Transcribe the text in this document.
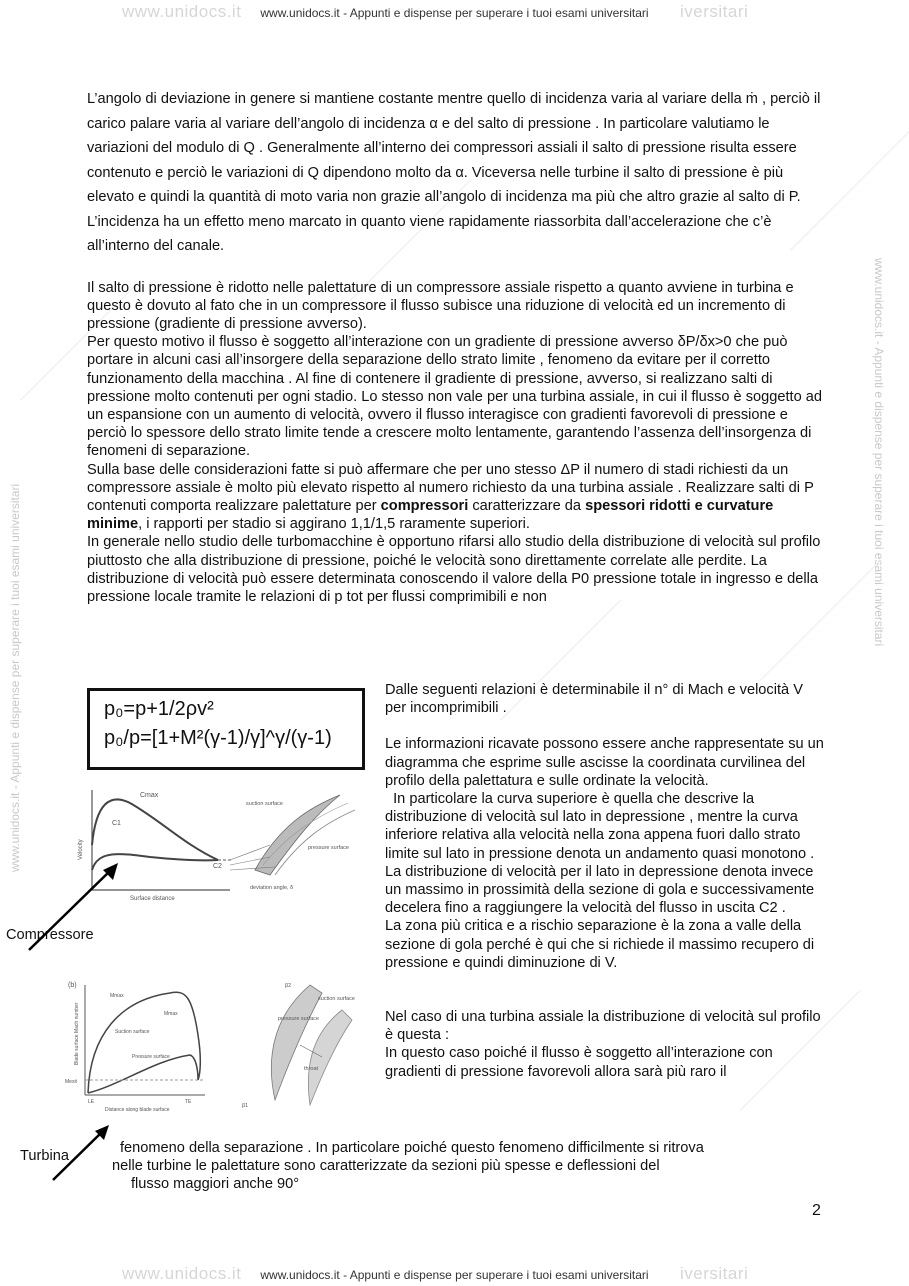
www.unidocs.it	iversitari
www.unidocs.it - Appunti e dispense per superare i tuoi esami universitari
www.unidocs.it	iversitari
www.unidocs.it - Appunti e dispense per superare i tuoi esami universitari
www.unidocs.it - Appunti e dispense per superare i tuoi esami universitari
www.unidocs.it - Appunti e dispense per superare i tuoi esami universitari

L’angolo di deviazione in genere si mantiene costante mentre quello di incidenza varia al variare della ṁ , perciò il carico palare varia al variare dell’angolo di incidenza α e del salto di pressione . In particolare valutiamo le variazioni del modulo di Q . Generalmente all’interno dei compressori assiali il salto di pressione risulta essere contenuto e perciò le variazioni di Q dipendono molto da α. Viceversa nelle turbine il salto di pressione è più elevato e quindi la quantità di moto varia non grazie all’angolo di incidenza ma più che altro grazie al salto di P. L’incidenza ha un effetto meno marcato in quanto viene rapidamente riassorbita dall’accelerazione che c’è all’interno del canale.

Il salto di pressione è ridotto nelle palettature di un compressore assiale rispetto a quanto avviene in turbina e questo è dovuto al fato che in un compressore il flusso subisce una riduzione di velocità ed un incremento di pressione (gradiente di pressione avverso).

Per questo motivo il flusso è soggetto all’interazione con un gradiente di pressione avverso δP/δx>0 che può portare in alcuni casi all’insorgere della separazione dello strato limite , fenomeno da evitare per il corretto funzionamento della macchina . Al fine di contenere il gradiente di pressione, avverso, si realizzano salti di pressione molto contenuti per ogni stadio. Lo stesso non vale per una turbina assiale, in cui il flusso è soggetto ad un espansione con un aumento di velocità, ovvero il flusso interagisce con gradienti favorevoli di pressione e perciò lo spessore dello strato limite tende a crescere molto lentamente, garantendo l’assenza dell’insorgenza di fenomeni di separazione.

Sulla base delle considerazioni fatte si può affermare che per uno stesso ΔP il numero di stadi richiesti da un compressore assiale è molto più elevato rispetto al numero richiesto da una turbina assiale . Realizzare salti di P contenuti comporta realizzare palettature per compressori caratterizzare da spessori ridotti e curvature minime, i rapporti per stadio si aggirano 1,1/1,5 raramente superiori.

In generale nello studio delle turbomacchine è opportuno rifarsi allo studio della distribuzione di velocità sul profilo piuttosto che alla distribuzione di pressione, poiché le velocità sono direttamente correlate alle perdite. La distribuzione di velocità può essere determinata conoscendo il valore della P0 pressione totale in ingresso e della pressione locale tramite le relazioni di p tot per flussi comprimibili e non

p₀=p+1/2ρv²
p₀/p=[1+M²(γ-1)/γ]^γ/(γ-1)

Dalle seguenti relazioni è determinabile il n° di Mach e velocità V per incomprimibili .

Le informazioni ricavate possono essere anche rappresentate su un diagramma che esprime sulle ascisse la coordinata curvilinea del profilo della palettatura e sulle ordinate la velocità.

In particolare la curva superiore è quella che descrive la distribuzione di velocità sul lato in depressione , mentre la curva inferiore relativa alla velocità nella zona appena fuori dallo strato limite sul lato in pressione denota un andamento quasi monotono .

La distribuzione di velocità per il lato in depressione denota invece un massimo in prossimità della sezione di gola e successivamente decelera fino a raggiungere la velocità del flusso in uscita C2 .

La zona più critica e a rischio separazione è la zona a valle della sezione di gola perché è qui che si richiede il massimo recupero di pressione e quindi diminuzione di V.

Nel caso di una turbina assiale la distribuzione di velocità sul profilo è questa :

In questo caso poiché il flusso è soggetto all’interazione con gradienti di pressione favorevoli allora sarà più raro il

fenomeno della separazione . In particolare poiché questo fenomeno difficilmente si ritrova
nelle turbine le palettature sono caratterizzate da sezioni più spesse e deflessioni del
flusso maggiori anche 90°
Compressore
Turbina
Cmax
C1
C2
Velocity
Surface distance
suction surface
pressure surface
deviation angle, δ
(b)
Mmax
Mmax
Mexit
Suction surface
Pressure surface
LE	TE
Distance along blade surface
Blade surface Mach number
suction surface
pressure surface
throat
β2
β1
2
